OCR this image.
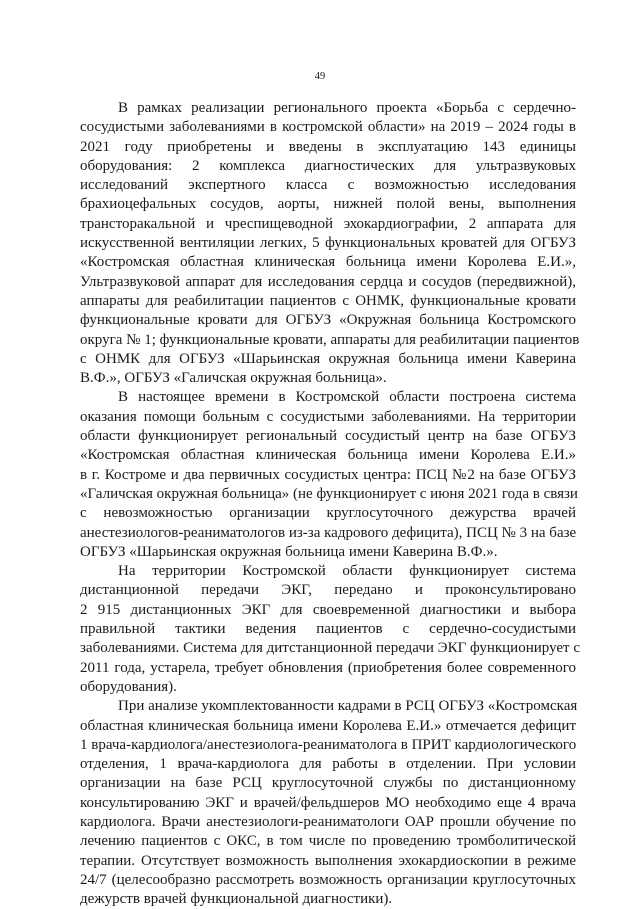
49
В рамках реализации регионального проекта «Борьба с сердечно-
сосудистыми заболеваниями в костромской области» на 2019 – 2024 годы в
2021 году приобретены и введены в эксплуатацию 143 единицы
оборудования: 2 комплекса диагностических для ультразвуковых
исследований экспертного класса с возможностью исследования
брахиоцефальных сосудов, аорты, нижней полой вены, выполнения
трансторакальной и чреспищеводной эхокардиографии, 2 аппарата для
искусственной вентиляции легких, 5 функциональных кроватей для ОГБУЗ
«Костромская областная клиническая больница имени Королева Е.И.»,
Ультразвуковой аппарат для исследования сердца и сосудов (передвижной),
аппараты для реабилитации пациентов с ОНМК, функциональные кровати
функциональные кровати для ОГБУЗ «Окружная больница Костромского
округа № 1; функциональные кровати, аппараты для реабилитации пациентов
с ОНМК для ОГБУЗ «Шарьинская окружная больница имени Каверина
В.Ф.», ОГБУЗ «Галичская окружная больница».
В настоящее времени в Костромской области построена система
оказания помощи больным с сосудистыми заболеваниями. На территории
области функционирует региональный сосудистый центр на базе ОГБУЗ
«Костромская областная клиническая больница имени Королева Е.И.»
в г. Костроме и два первичных сосудистых центра: ПСЦ №2 на базе ОГБУЗ
«Галичская окружная больница» (не функционирует с июня 2021 года в связи
с невозможностью организации круглосуточного дежурства врачей
анестезиологов-реаниматологов из-за кадрового дефицита), ПСЦ № 3 на базе
ОГБУЗ «Шарьинская окружная больница имени Каверина В.Ф.».
На территории Костромской области функционирует система
дистанционной передачи ЭКГ, передано и проконсультировано
2 915 дистанционных ЭКГ для своевременной диагностики и выбора
правильной тактики ведения пациентов с сердечно-сосудистыми
заболеваниями. Система для дитстанционной передачи ЭКГ функционирует с
2011 года, устарела, требует обновления (приобретения более современного
оборудования).
При анализе укомплектованности кадрами в РСЦ ОГБУЗ «Костромская
областная клиническая больница имени Королева Е.И.» отмечается дефицит
1 врача-кардиолога/анестезиолога-реаниматолога в ПРИТ кардиологического
отделения, 1 врача-кардиолога для работы в отделении. При условии
организации на базе РСЦ круглосуточной службы по дистанционному
консультированию ЭКГ и врачей/фельдшеров МО необходимо еще 4 врача
кардиолога. Врачи анестезиологи-реаниматологи ОАР прошли обучение по
лечению пациентов с ОКС, в том числе по проведению тромболитической
терапии. Отсутствует возможность выполнения эхокардиоскопии в режиме
24/7 (целесообразно рассмотреть возможность организации круглосуточных
дежурств врачей функциональной диагностики).
